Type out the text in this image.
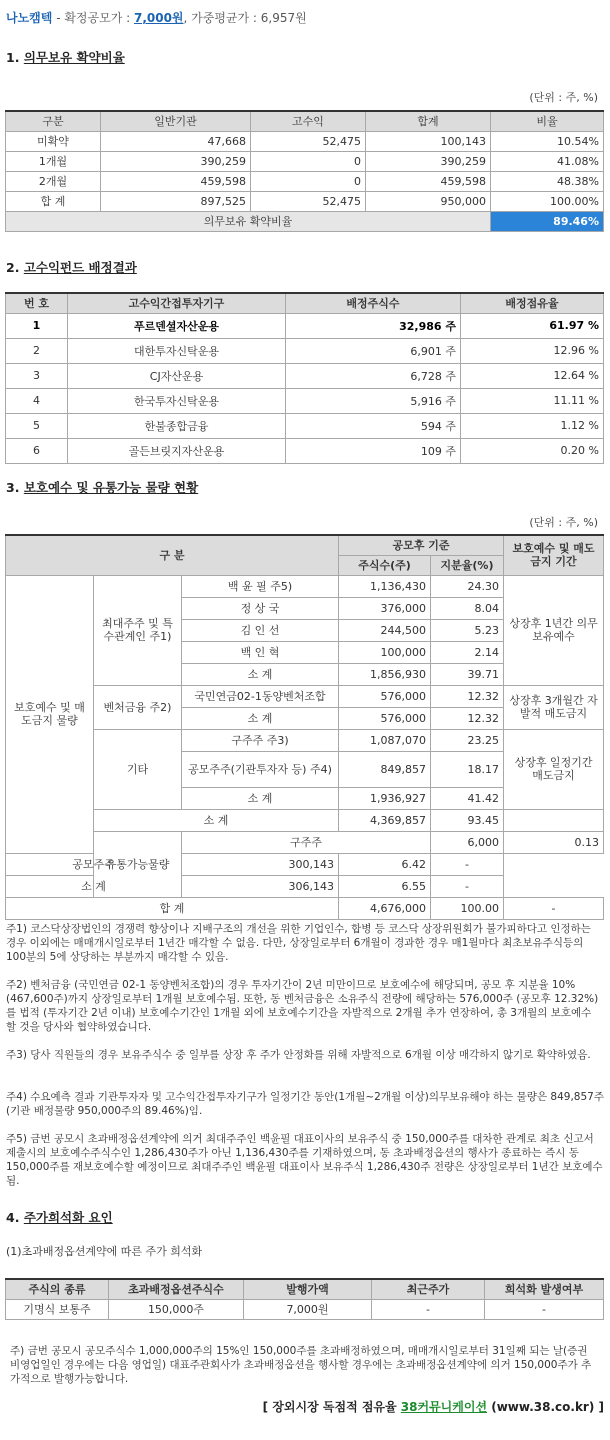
나노캠텍 - 확정공모가 : 7,000원, 가중평균가 : 6,957원
1. 의무보유 확약비율
(단위 : 주, %)
구분	일반기관	고수익	합계	비율
미확약	47,668	52,475	100,143	10.54%
1개월	390,259	0	390,259	41.08%
2개월	459,598	0	459,598	48.38%
합 계	897,525	52,475	950,000	100.00%
의무보유 확약비율				89.46%
2. 고수익펀드 배정결과
번 호	고수익간접투자기구	배정주식수	배정점유율
1	푸르덴셜자산운용	32,986 주	61.97 %
2	대한투자신탁운용	6,901 주	12.96 %
3	CJ자산운용	6,728 주	12.64 %
4	한국투자신탁운용	5,916 주	11.11 %
5	한불종합금융	594 주	1.12 %
6	골든브릿지자산운용	109 주	0.20 %
3. 보호예수 및 유통가능 물량 현황
(단위 : 주, %)
구 분			공모후 기준		보호예수 및 매도금지 기간	
			주식수(주)	지분율(%)		
보호예수 및 매도금지 물량	최대주주 및 특수관계인 주1)	백 윤 필 주5)	1,136,430	24.30	상장후 1년간 의무보유예수	
		정 상 국	376,000	8.04		
		김 인 선	244,500	5.23		
		백 인 혁	100,000	2.14		
		소 계	1,856,930	39.71		
	벤처금융 주2)	국민연금02-1동양벤처조합	576,000	12.32	상장후 3개월간 자발적 매도금지	
		소 계	576,000	12.32		
	기타	구주주 주3)	1,087,070	23.25	상장후 일정기간 매도금지	
		공모주주(기관투자자 등) 주4)	849,857	18.17		
		소 계	1,936,927	41.42		
	소 계		4,369,857	93.45		
	유통가능물량	구주주		6,000	0.13	
공모주주		300,143	6.42	-		
소 계		306,143	6.55	-		
합 계			4,676,000	100.00	-	
주1) 코스닥상장법인의 경쟁력 향상이나 지배구조의 개선을 위한 기업인수, 합병 등 코스닥 상장위원회가 불가피하다고 인정하는 경우 이외에는 매매개시일로부터 1년간 매각할 수 없음. 다만, 상장일로부터 6개월이 경과한 경우 매1월마다 최초보유주식등의 100분의 5에 상당하는 부분까지 매각할 수 있음.
주2) 벤처금융 (국민연금 02-1 동양벤처조합)의 경우 투자기간이 2년 미만이므로 보호예수에 해당되며, 공모 후 지분율 10% (467,600주)까지 상장일로부터 1개월 보호예수됨. 또한, 동 벤처금융은 소유주식 전량에 해당하는 576,000주 (공모후 12.32%)를 법적 (투자기간 2년 이내) 보호예수기간인 1개월 외에 보호예수기간을 자발적으로 2개월 추가 연장하여, 총 3개월의 보호예수 할 것을 당사와 협약하였습니다.
주3) 당사 직원들의 경우 보유주식수 중 일부를 상장 후 주가 안정화를 위해 자발적으로 6개월 이상 매각하지 않기로 확약하였음.
주4) 수요예측 결과 기관투자자 및 고수익간접투자기구가 일정기간 동안(1개월~2개월 이상)의무보유해야 하는 물량은 849,857주(기관 배정물량 950,000주의 89.46%)임.
주5) 금번 공모시 초과배정옵션계약에 의거 최대주주인 백윤필 대표이사의 보유주식 중 150,000주를 대차한 관계로 최초 신고서 제출시의 보호예수주식수인 1,286,430주가 아닌 1,136,430주를 기재하였으며, 동 초과배정옵션의 행사가 종료하는 즉시 동 150,000주를 재보호예수할 예정이므로 최대주주인 백윤필 대표이사 보유주식 1,286,430주 전량은 상장일로부터 1년간 보호예수됨.
4. 주가희석화 요인
(1)초과배정옵션계약에 따른 주가 희석화
주식의 종류	초과배정옵션주식수	발행가액	최근주가	희석화 발생여부
기명식 보통주	150,000주	7,000원	-	-
주) 금번 공모시 공모주식수 1,000,000주의 15%인 150,000주를 초과배정하였으며, 매매개시일로부터 31일째 되는 날(증권 비영업일인 경우에는 다음 영업일) 대표주관회사가 초과배정옵션을 행사할 경우에는 초과배정옵션계약에 의거 150,000주가 추가적으로 발행가능합니다.
[ 장외시장 독점적 점유율 38커뮤니케이션 (www.38.co.kr) ]
